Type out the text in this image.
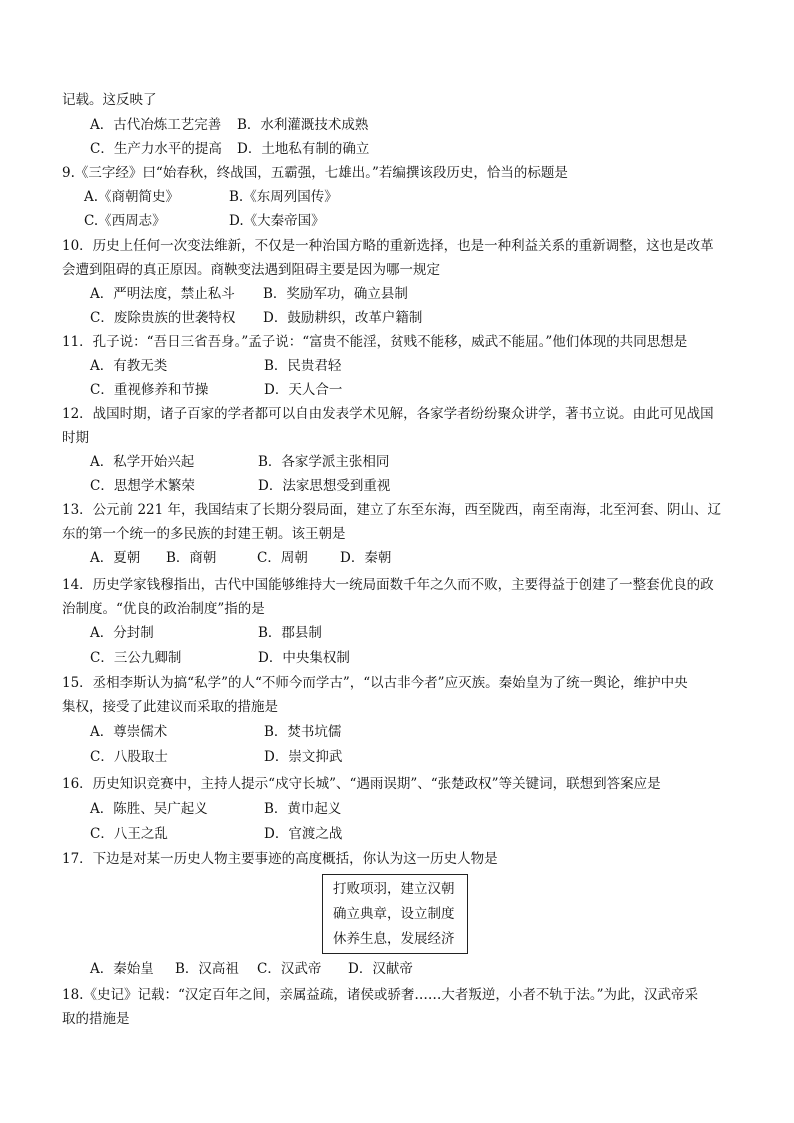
记载。这反映了
A．古代冶炼工艺完善 B．水利灌溉技术成熟
C．生产力水平的提高 D．土地私有制的确立
9.《三字经》曰“始春秋，终战国，五霸强，七雄出。”若编撰该段历史，恰当的标题是
A.《商朝简史》	B.《东周列国传》
C.《西周志》	D.《大秦帝国》
10．历史上任何一次变法维新，不仅是一种治国方略的重新选择，也是一种利益关系的重新调整，这也是改革
会遭到阻碍的真正原因。商鞅变法遇到阻碍主要是因为哪一规定
A．严明法度，禁止私斗 B．奖励军功，确立县制
C．废除贵族的世袭特权 D．鼓励耕织，改革户籍制
11．孔子说：“吾日三省吾身。”孟子说：“富贵不能淫，贫贱不能移，威武不能屈。”他们体现的共同思想是
A．有教无类	B．民贵君轻
C．重视修养和节操	D．天人合一
12．战国时期，诸子百家的学者都可以自由发表学术见解，各家学者纷纷聚众讲学，著书立说。由此可见战国
时期
A．私学开始兴起	B．各家学派主张相同
C．思想学术繁荣	D．法家思想受到重视
13．公元前 221 年，我国结束了长期分裂局面，建立了东至东海，西至陇西，南至南海，北至河套、阴山、辽
东的第一个统一的多民族的封建王朝。该王朝是
A．夏朝 B．商朝	C．周朝 D．秦朝
14．历史学家钱穆指出，古代中国能够维持大一统局面数千年之久而不败，主要得益于创建了一整套优良的政
治制度。“优良的政治制度”指的是
A．分封制	B．郡县制
C．三公九卿制	D．中央集权制
15．丞相李斯认为搞“私学”的人“不师今而学古”，“以古非今者”应灭族。秦始皇为了统一舆论，维护中央
集权，接受了此建议而采取的措施是
A．尊崇儒术	B．焚书坑儒
C．八股取士	D．崇文抑武
16．历史知识竞赛中，主持人提示“戍守长城”、“遇雨误期”、“张楚政权”等关键词，联想到答案应是
A．陈胜、吴广起义	B．黄巾起义
C．八王之乱	D．官渡之战
17．下边是对某一历史人物主要事迹的高度概括，你认为这一历史人物是
打败项羽，建立汉朝
确立典章，设立制度
休养生息，发展经济
A．秦始皇 B．汉高祖 C．汉武帝 D．汉献帝
18.《史记》记载：“汉定百年之间，亲属益疏，诸侯或骄奢……大者叛逆，小者不轨于法。”为此，汉武帝采
取的措施是
